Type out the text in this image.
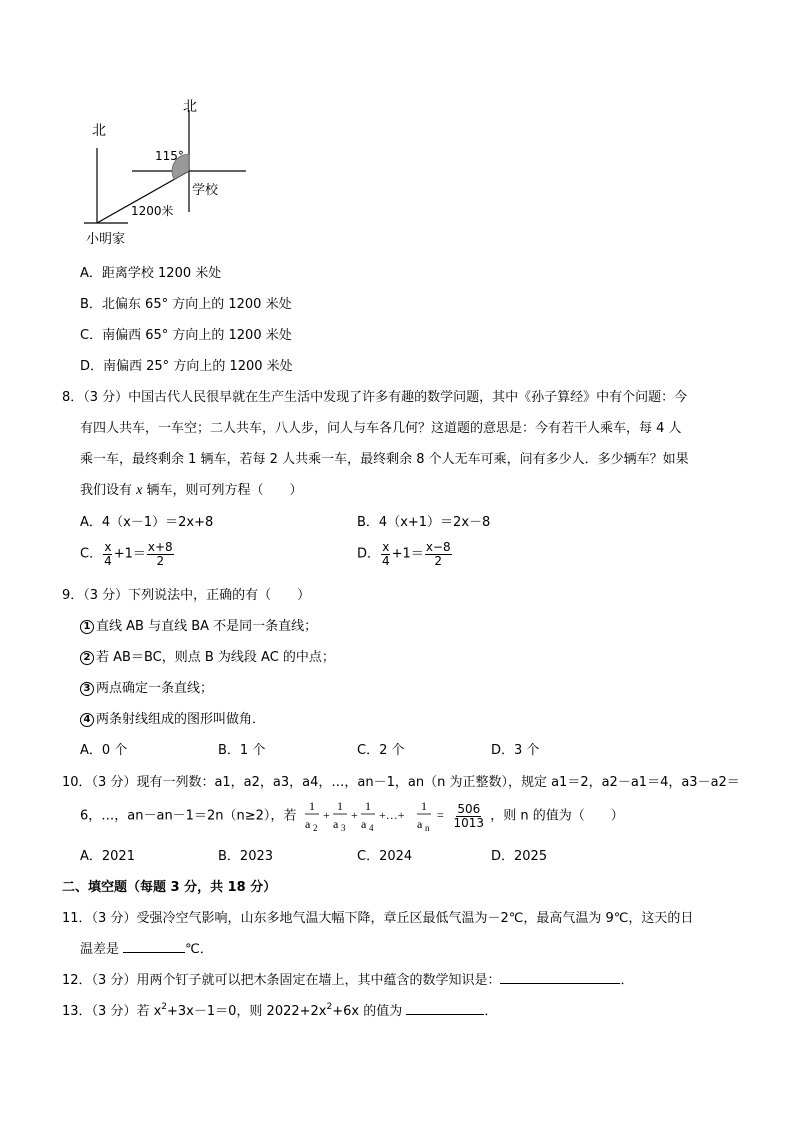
北
北
115°
学校
1200米
小明家
A．距离学校 1200 米处
B．北偏东 65° 方向上的 1200 米处
C．南偏西 65° 方向上的 1200 米处
D．南偏西 25° 方向上的 1200 米处
8．（3 分）中国古代人民很早就在生产生活中发现了许多有趣的数学问题，其中《孙子算经》中有个问题：今
有四人共车，一车空；二人共车，八人步，问人与车各几何？这道题的意思是：今有若干人乘车，每 4 人
乘一车，最终剩余 1 辆车，若每 2 人共乘一车，最终剩余 8 个人无车可乘，问有多少人．多少辆车？如果
我们设有 x 辆车，则可列方程（　　）
A．4（x－1）＝2x+8	B．4（x+1）＝2x－8
C． $\frac{x}{4} +1= \frac{x+8}{2}$	D． $\frac{x}{4} +1= \frac{x-8}{2}$
9．（3 分）下列说法中，正确的有（　　）
1 直线 AB 与直线 BA 不是同一条直线；
2 若 AB＝BC，则点 B 为线段 AC 的中点；
3 两点确定一条直线；
4 两条射线组成的图形叫做角．
A．0 个	B．1 个	C．2 个	D．3 个
10．（3 分）现有一列数：a1，a2，a3，a4，…，an－1，an（n 为正整数），规定 a1＝2，a2－a1＝4，a3－a2＝
6，…，an－an－1＝2n（n≥2），若
1
a 2
+
1
a 3
+
1
a 4
+…+
1
a n
= $\frac{506}{1013}$ ，则 n 的值为（　　）
A．2021	B．2023	C．2024	D．2025
二、填空题（每题 3 分，共 18 分）
11．（3 分）受强冷空气影响，山东多地气温大幅下降，章丘区最低气温为－2℃，最高气温为 9℃，这天的日
温差是	℃．
12．（3 分）用两个钉子就可以把木条固定在墙上，其中蕴含的数学知识是：	．
13．（3 分）若 $x^2+3x-1=0$，则 $2022+2x^2+6x$ 的值为	．
